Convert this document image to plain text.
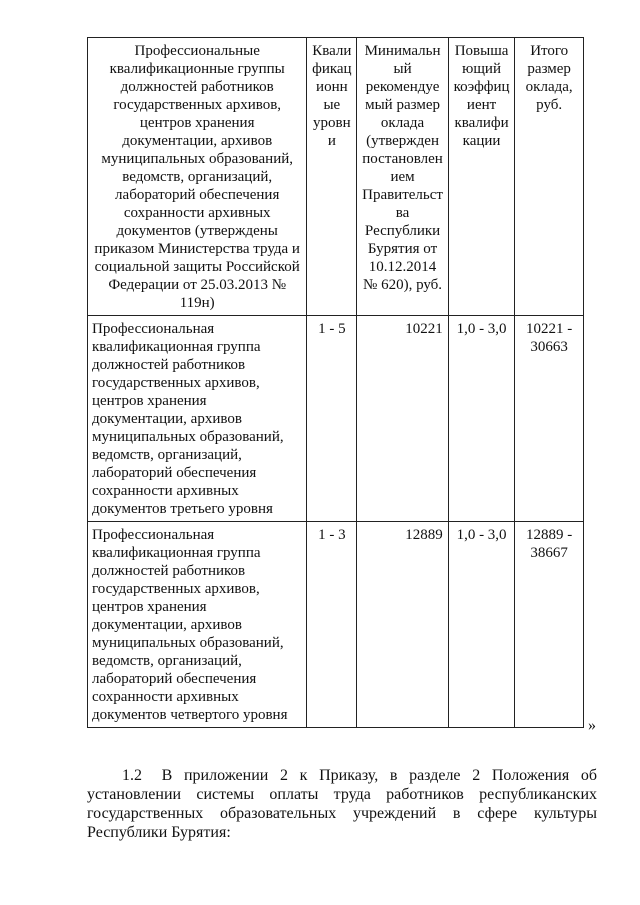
Профессиональные квалификационные группы должностей работников государственных архивов, центров хранения документации, архивов муниципальных образований, ведомств, организаций, лабораторий обеспечения сохранности архивных документов (утверждены приказом Министерства труда и социальной защиты Российской Федерации от 25.03.2013 № 119н)	Квалификационные уровни	Минимальный рекомендуемый размер оклада (утвержден постановлением Правительства Республики Бурятия от 10.12.2014 № 620), руб.	Повышающий коэффициент квалификации	Итого размер оклада, руб.
Профессиональная квалификационная группа должностей работников государственных архивов, центров хранения документации, архивов муниципальных образований, ведомств, организаций, лабораторий обеспечения сохранности архивных документов третьего уровня	1 - 5	10221	1,0 - 3,0	10221 - 30663
Профессиональная квалификационная группа должностей работников государственных архивов, центров хранения документации, архивов муниципальных образований, ведомств, организаций, лабораторий обеспечения сохранности архивных документов четвертого уровня	1 - 3	12889	1,0 - 3,0	12889 - 38667
»

1.2 В приложении 2 к Приказу, в разделе 2 Положения об установлении системы оплаты труда работников республиканских государственных образовательных учреждений в сфере культуры Республики Бурятия:
